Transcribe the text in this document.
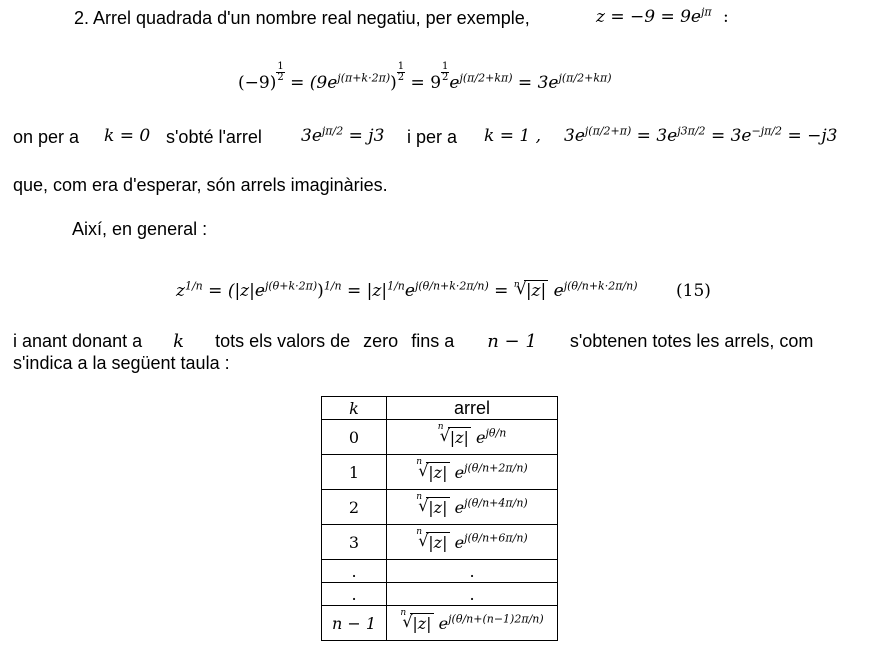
2. Arrel quadrada d'un nombre real negatiu, per exemple,	$z = -9 = 9e^{j\pi}$ :
$(-9) \frac{1}{2} = (9e^{j(\pi+k\cdot 2\pi)}) \frac{1}{2} = 9 \frac{1}{2} e^{j(\pi/2+k\pi)} = 3e^{j(\pi/2+k\pi)}$
on per a k = 0 s'obté l'arrel $3e^{j\pi/2} = j3$ i per a k = 1 , $3e^{j(\pi/2+\pi)} = 3e^{j3\pi/2} = 3e^{-j\pi/2} = -j3$
que, com era d'esperar, són arrels imaginàries.
Així, en general :
$z^{1/n} = (|z|e^{j(\theta+k\cdot 2\pi)})^{1/n} = |z|^{1/n}e^{j(\theta/n+k\cdot 2\pi/n)} = n$ √ |z| $e^{j(\theta/n+k\cdot 2\pi/n)}$ (15)
i anant donant a k tots els valors de zero fins a n − 1 s'obtenen totes les arrels, com
s'indica a la següent taula :
k	arrel
0	n
√ |z| $e^{j\theta/n}$
1	n
√ |z| $e^{j(\theta/n+2\pi/n)}$
2	n
√ |z| $e^{j(\theta/n+4\pi/n)}$
3	n
√ |z| $e^{j(\theta/n+6\pi/n)}$
.	.
.	.
n − 1	n
√ |z| $e^{j(\theta/n+(n-1)2\pi/n)}$
